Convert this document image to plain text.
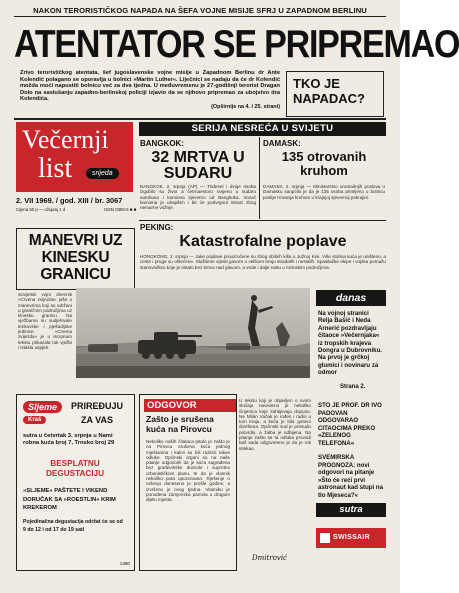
NAKON TERORISTIČKOG NAPADA NA ŠEFA VOJNE MISIJE SFRJ U ZAPADNOM BERLINU
ATENTATOR SE PRIPREMAO
Zrivo terorističkog atentata, šef jugoslavenske vojne misije u Zapadnom Berlinu dr Ante Kolendić polagano se oporavlja u bolnici »Martin Luther«. Liječnici se nadaju da će dr Kolendić možda moći napustiti bolnicu već za dva tjedna. U međuvremenu je 27-godišnji terorist Dragan Dolo na saslušanju zapadno-berlinskoj policiji izjavio da se njihovo pripremao za ubojstvo dra Kolendića.
(Opširnije na 4. i 25. strani)
TKO JE NAPADAC?
Večernji
list	srijeda
2. VII 1969. / god. XIII / br. 3067
Cijena 50 p — ožujanj 1 d	ISSN 0350-5 ■ ■
SERIJA NESREĆA U SVIJETU
BANGKOK:
32 MRTVA U SUDARU
BANGKOK, 2. srpnja (AP) — Trideset i dvoje osoba izgubilo su život a četrnaestoro ranjeno u sudaru autobusa i kamiona sjeverno od Bangkoka. Vozač kamiona je uhapšen i bit će podvrgnut istrazi zbog nemarne vožnje.
DAMASK:
135 otrovanih kruhom
DAMASK, 2. srpnja — Ministarstvo unutrašnjih poslova u Damasku saopćilo je da je 135 osoba primljeno u bolnicu poslije trovanja kruhom u krajnjoj sjevernoj pokrajini.
PEKING:
Katastrofalne poplave
HONGKONG, 2. srpnja — Jake poplave prouzročene su zbog obilnih kiša u Južnoj Kini. Više stotina kuća je uništeno, a ceste i pruge su oštećene. Službene vijesti govore o velikom broju stradalih i nestalih. Spasilačke ekipe i vojska pomažu stanovništvu koje je ostalo bez krova nad glavom, a vode i dalje rastu u nizinskim područjima.
MANEVRI UZ KINESKU GRANICU
Sovjetski vojni dnevnik »Crvena zvijezda« piše o manevrima koji su održani u graničnim područjima uz kinesku granicu. Na vježbama su sudjelovale tenkovske i pješadijske jedinice. »Crvena zvijezda« je u iscrpnom tekstu prikazala tok vježbi i istakla uspjeh.
danas
Na vojnoj stranici Relja Bašić i Neda Arnerić pozdravljaju čitaoce »Večernjaka« iz tropskih krajeva Dongra u Dubrovniku. Na prvoj je grčkoj glumici i novinaru za odmor
Strana 2.
Sljeme
Kraš
PRIREĐUJU
ZA VAS
sutra u četvrtak 3. srpnja u Nami robna kuća broj 7, Trnsko broj 29
BESPLATNU DEGUSTACIJU
»SLJEME« PAŠTETE I VIKEND DORUČAK SA »ROESTLIN« KRIM KREKEROM
Pojedinačna degustacija održat će se od 9 do 12 i od 17 do 19 sati
1380
ODGOVOR
Zašto je srušena kuća na Pirovcu
Nekoliko naših čitalaca pitalo je zašto je na Pirovcu srušena kuća jednog mještanina i kakvi su bili razlozi takve odluke. Općinski organi su na naše pitanje odgovorili da je kuća sagrađena bez građevinske dozvole i suprotno urbanističkom planu, te da je vlasnik nekoliko puta upozoravan. Rješenje o rušenju doneseno je prošle godine, a izvršeno je ovog tjedna. Vlasniku je ponuđena zamjenska parcela u drugom dijelu mjesta.
U tekstu koji je objavljen o ovom slučaju navedeno je nekoliko činjenica koje zahtijevaju dopunu. Ne Milan Vučak je rođen i radio u tom kraju, a kuća je bila gotovo dovršena. Općinski sud je presudu potvrdio, a žalba je odbijena. Na pitanje zašto se ta odluka provodi baš sada odgovoreno je da je rok istekao.
Dmitrović
STO JE PROF. DR IVO PADOVAN ODGOVARAO CITAOCIMA PREKO »ZELENOG TELEFONA«
SVEMIRSKA PROGNOZA: novi odgovori na pitanje »Što će reći prvi astronaut kad stupi na tlo Mjeseca?«
sutra
SWISSAIR
